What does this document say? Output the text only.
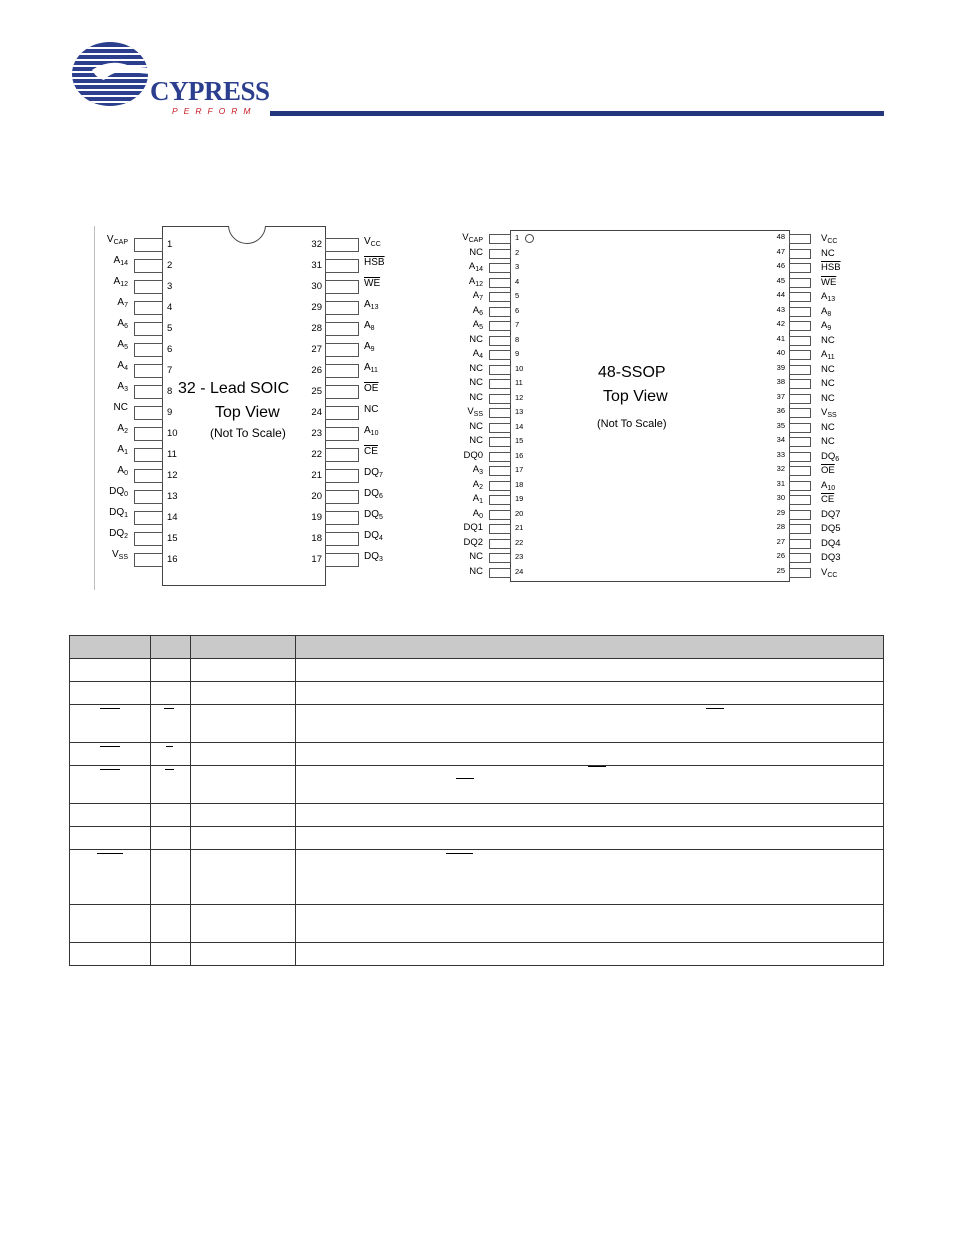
CYPRESS
PERFORM
32 - Lead SOIC
Top View
(Not To Scale)
$V_{CAP}$	1
$A_{14}$	2
$A_{12}$	3
$A_7$	4
$A_6$	5
$A_5$	6
$A_4$	7
$A_3$	8
NC	9
$A_2$	10
$A_1$	11
$A_0$	12
$DQ_0$	13
$DQ_1$	14
$DQ_2$	15
$V_{SS}$	16
$V_{CC}$
32
$\overline{HSB}$
31
$\overline{WE}$
30
$A_{13}$
29
$A_8$
28
$A_9$
27
$A_{11}$
26
$\overline{OE}$
25
NC
24
$A_{10}$
23
$\overline{CE}$
22
$DQ_7$
21
$DQ_6$
20
$DQ_5$
19
$DQ_4$
18
$DQ_3$
17
48-SSOP
Top View
(Not To Scale)
$V_{CAP}$	1
NC	2
$A_{14}$	3
$A_{12}$	4
$A_7$	5
$A_6$	6
$A_5$	7
NC	8
$A_4$	9
NC	10
NC	11
NC	12
$V_{SS}$	13
NC	14
NC	15
DQ0	16
$A_3$	17
$A_2$	18
$A_1$	19
$A_0$	20
DQ1	21
DQ2	22
NC	23
NC	24
$V_{CC}$
48
NC
47
$\overline{HSB}$
46
$\overline{WE}$
45
$A_{13}$
44
$A_8$
43
$A_9$
42
NC
41
$A_{11}$
40
NC
39
NC
38
NC
37
$V_{SS}$
36
NC
35
NC
34
$DQ_6$
33
$\overline{OE}$
32
$A_{10}$
31
$\overline{CE}$
30
DQ7
29
DQ5
28
DQ4
27
DQ3
26
$V_{CC}$
25
